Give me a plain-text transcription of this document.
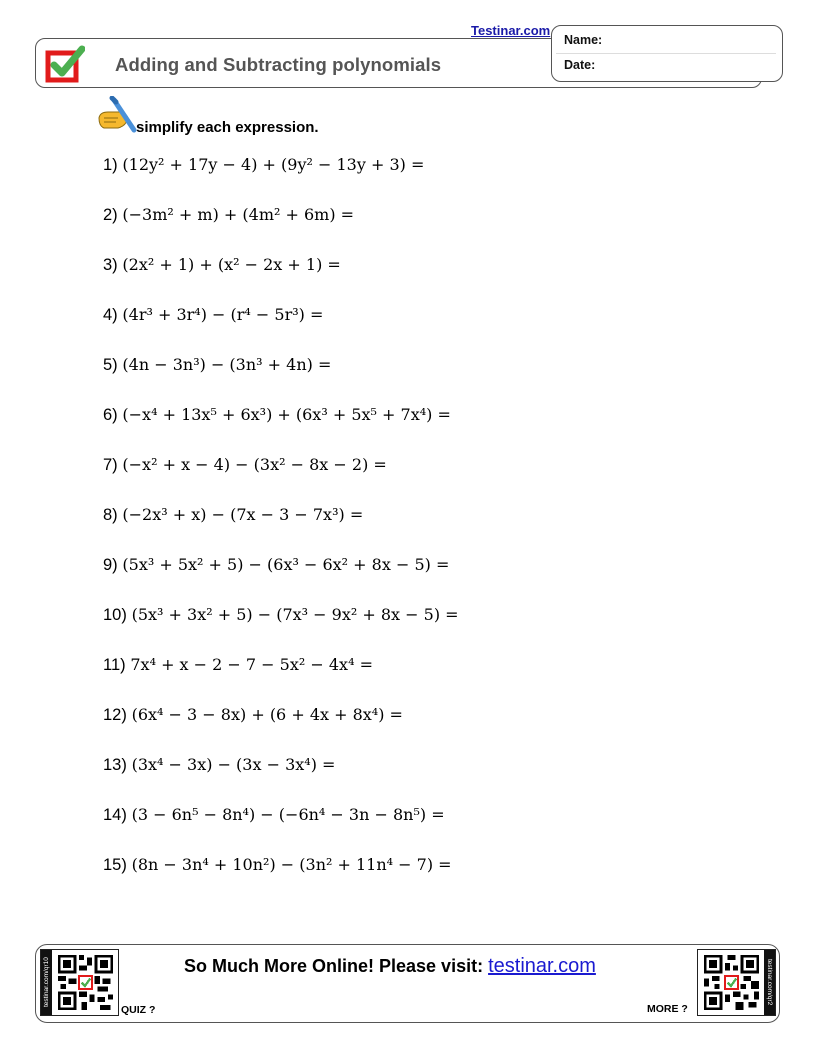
Adding and Subtracting polynomials
Testinar.com
Name:
Date:
simplify each expression.
1) (12y² + 17y − 4) + (9y² − 13y + 3) =
2) (−3m² + m) + (4m² + 6m) =
3) (2x² + 1) + (x² − 2x + 1) =
4) (4r³ + 3r⁴) − (r⁴ − 5r³) =
5) (4n − 3n³) − (3n³ + 4n) =
6) (−x⁴ + 13x⁵ + 6x³) + (6x³ + 5x⁵ + 7x⁴) =
7) (−x² + x − 4) − (3x² − 8x − 2) =
8) (−2x³ + x) − (7x − 3 − 7x³) =
9) (5x³ + 5x² + 5) − (6x³ − 6x² + 8x − 5) =
10) (5x³ + 3x² + 5) − (7x³ − 9x² + 8x − 5) =
11) 7x⁴ + x − 2 − 7 − 5x² − 4x⁴ =
12) (6x⁴ − 3 − 8x) + (6 + 4x + 8x⁴) =
13) (3x⁴ − 3x) − (3x − 3x⁴) =
14) (3 − 6n⁵ − 8n⁴) − (−6n⁴ − 3n − 8n⁵) =
15) (8n − 3n⁴ + 10n²) − (3n² + 11n⁴ − 7) =
testinar.com/qr10
QUIZ ?
So Much More Online! Please visit: testinar.com
MORE ?
testinar.com/qr2
